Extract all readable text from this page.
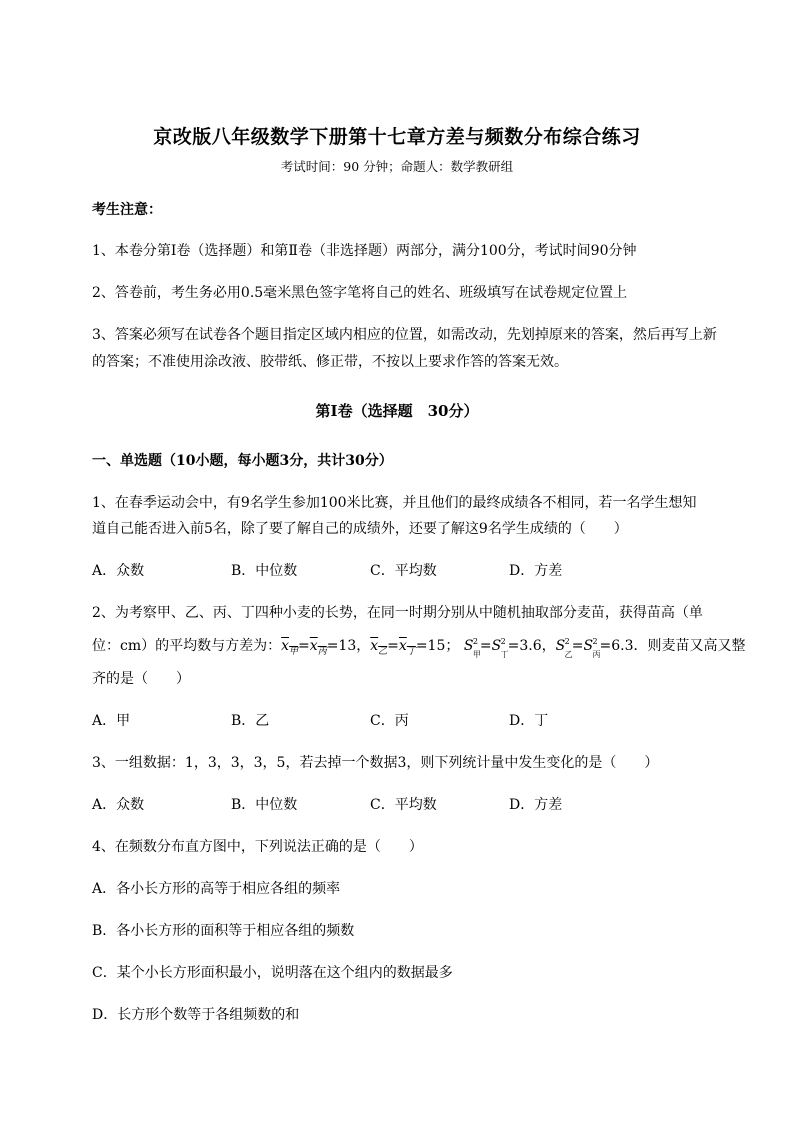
京改版八年级数学下册第十七章方差与频数分布综合练习
考试时间：90 分钟；命题人：数学教研组
考生注意：
1、本卷分第I卷（选择题）和第Ⅱ卷（非选择题）两部分，满分100分，考试时间90分钟
2、答卷前，考生务必用0.5毫米黑色签字笔将自己的姓名、班级填写在试卷规定位置上
3、答案必须写在试卷各个题目指定区域内相应的位置，如需改动，先划掉原来的答案，然后再写上新
的答案；不准使用涂改液、胶带纸、修正带，不按以上要求作答的答案无效。
第I卷（选择题　30分）
一、单选题（10小题，每小题3分，共计30分）
1、在春季运动会中，有9名学生参加100米比赛，并且他们的最终成绩各不相同，若一名学生想知
道自己能否进入前5名，除了要了解自己的成绩外，还要了解这9名学生成绩的（　　）
A．众数	B．中位数	C．平均数	D．方差
2、为考察甲、乙、丙、丁四种小麦的长势，在同一时期分别从中随机抽取部分麦苗，获得苗高（单
位：cm）的平均数与方差为：$x_甲=x_丙=13$，$x_乙=x_丁=15$； S 2
甲
=S 2
丁
=3.6，S 2
乙
=S 2
丙
=6.3．则麦苗又高又整
齐的是（　　）
A．甲	B．乙	C．丙	D．丁
3、一组数据：1，3，3，3，5，若去掉一个数据3，则下列统计量中发生变化的是（　　）
A．众数	B．中位数	C．平均数	D．方差
4、在频数分布直方图中，下列说法正确的是（　　）
A．各小长方形的高等于相应各组的频率
B．各小长方形的面积等于相应各组的频数
C．某个小长方形面积最小，说明落在这个组内的数据最多
D．长方形个数等于各组频数的和
